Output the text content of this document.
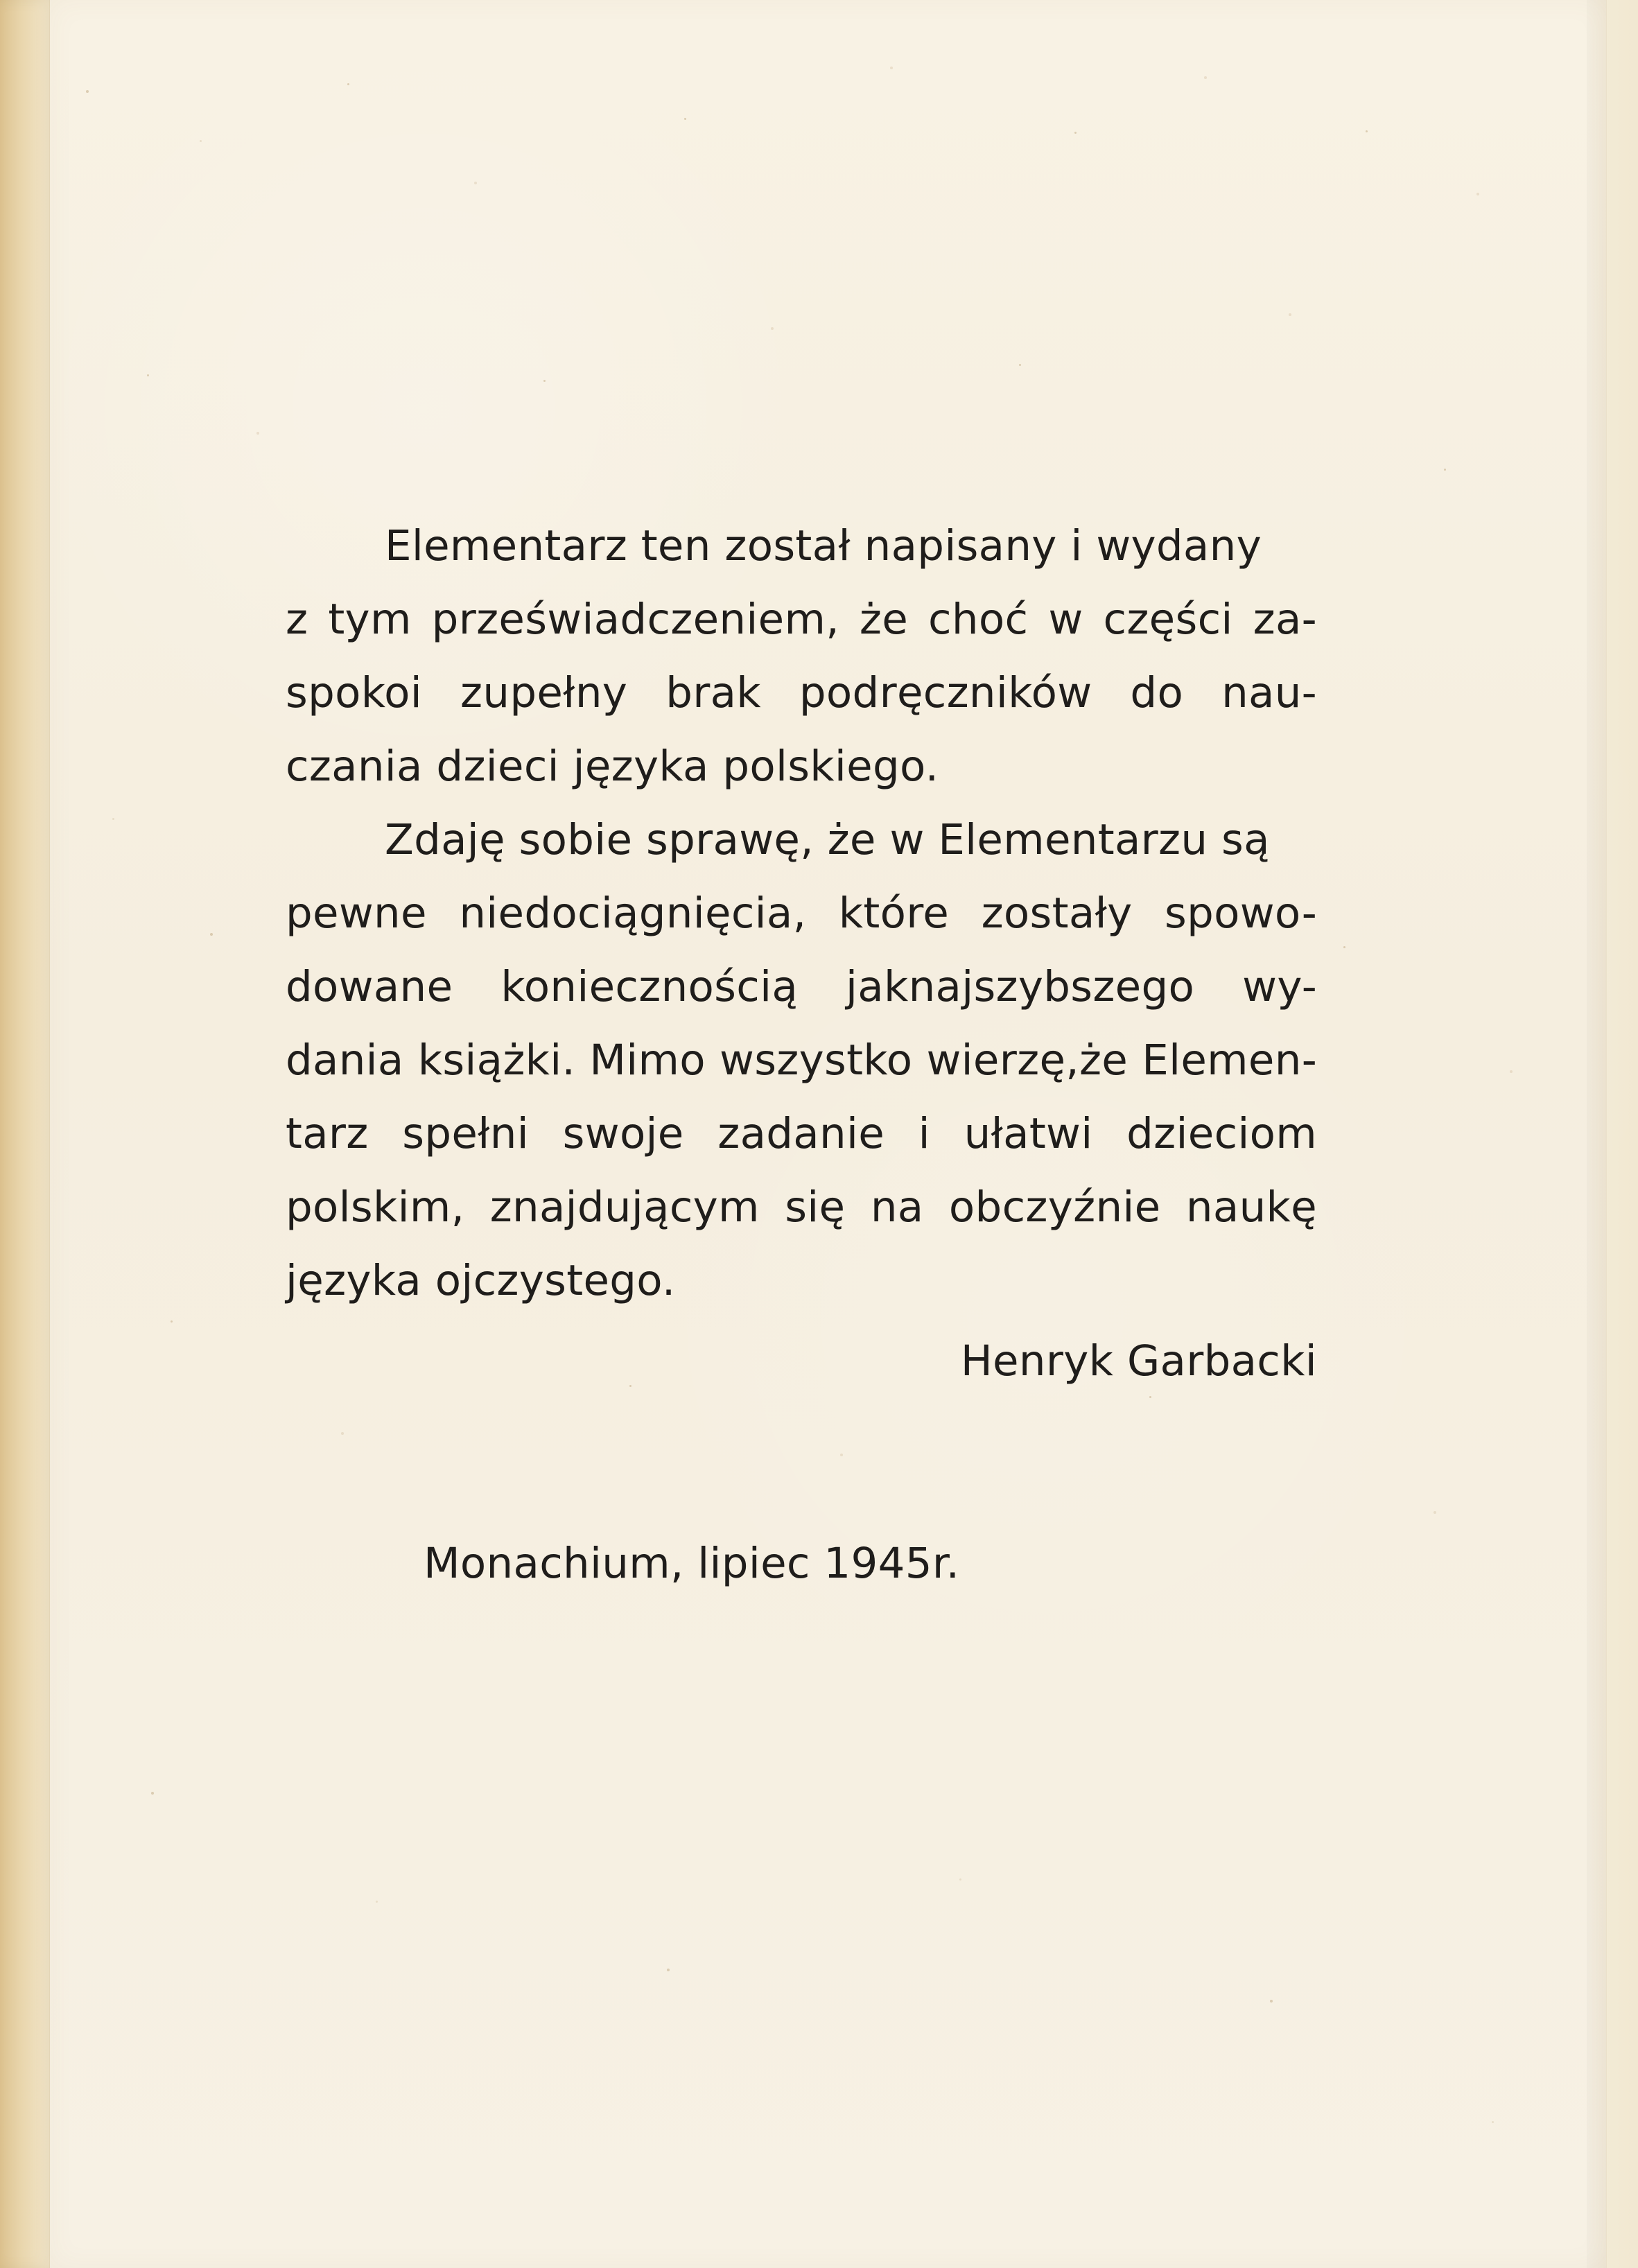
Elementarz ten został napisany i wydany
z tym przeświadczeniem, że choć w części za-
spokoi zupełny brak podręczników do nau-
czania dzieci języka polskiego.
Zdaję sobie sprawę, że w Elementarzu są
pewne niedociągnięcia, które zostały spowo-
dowane koniecznością jaknajszybszego wy-
dania książki. Mimo wszystko wierzę,że Elemen-
tarz spełni swoje zadanie i ułatwi dzieciom
polskim, znajdującym się na obczyźnie naukę
języka ojczystego.
Henryk Garbacki
Monachium, lipiec 1945r.
